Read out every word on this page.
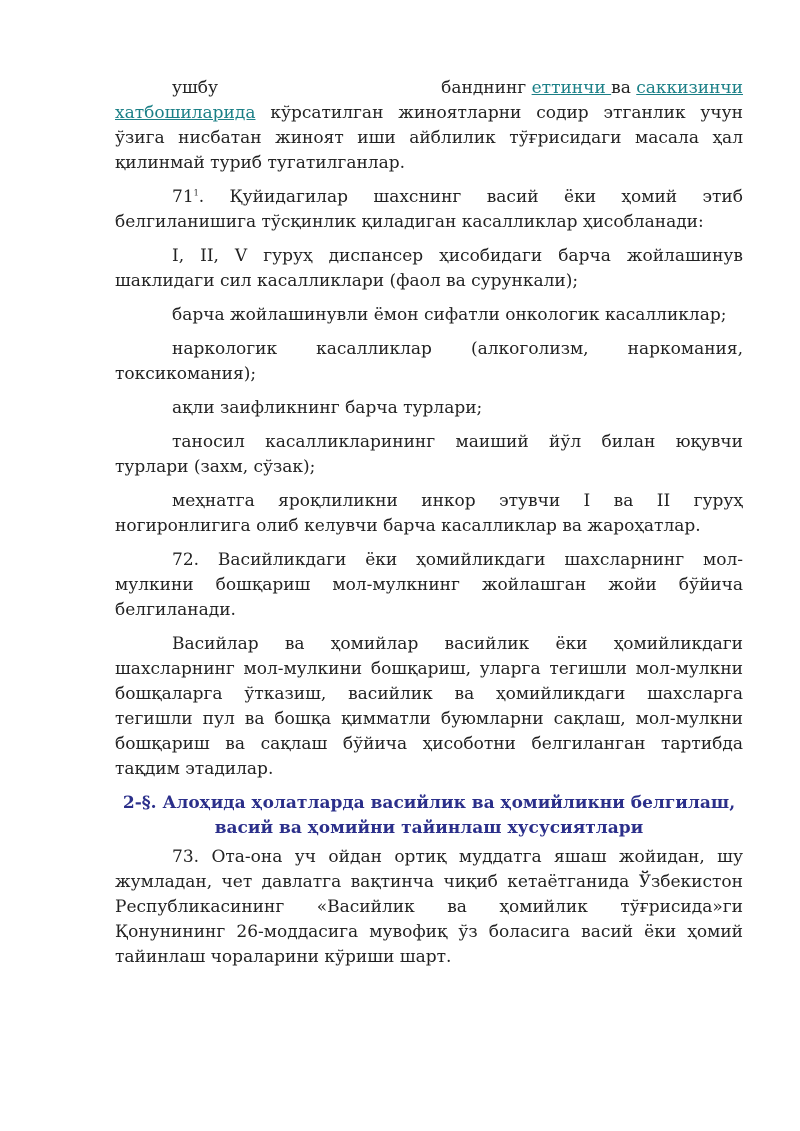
ушбу	банднинг еттинчи ва саккизинчи
хатбошиларида кўрсатилган жиноятларни содир этганлик учун ўзига нисбатан жиноят иши айблилик тўғрисидаги масала ҳал қилинмай туриб тугатилганлар.

$71^1$. Қуйидагилар шахснинг васий ёки ҳомий этиб белгиланишига тўсқинлик қиладиган касалликлар ҳисобланади:

I, II, V гуруҳ диспансер ҳисобидаги барча жойлашинув шаклидаги сил касалликлари (фаол ва сурункали);

барча жойлашинувли ёмон сифатли онкологик касалликлар;

наркологик касалликлар (алкоголизм, наркомания, токсикомания);

ақли заифликнинг барча турлари;

таносил касалликларининг маиший йўл билан юқувчи турлари (захм, сўзак);

меҳнатга яроқлиликни инкор этувчи I ва II гуруҳ ногиронлигига олиб келувчи барча касалликлар ва жароҳатлар.

72. Васийликдаги ёки ҳомийликдаги шахсларнинг мол-мулкини бошқариш мол-мулкнинг жойлашган жойи бўйича белгиланади.

Васийлар ва ҳомийлар васийлик ёки ҳомийликдаги шахсларнинг мол-мулкини бошқариш, уларга тегишли мол-мулкни бошқаларга ўтказиш, васийлик ва ҳомийликдаги шахсларга тегишли пул ва бошқа қимматли буюмларни сақлаш, мол-мулкни бошқариш ва сақлаш бўйича ҳисоботни белгиланган тартибда тақдим этадилар.

2-§. Алоҳида ҳолатларда васийлик ва ҳомийликни белгилаш,
васий ва ҳомийни тайинлаш хусусиятлари

73. Ота-она уч ойдан ортиқ муддатга яшаш жойидан, шу жумладан, чет давлатга вақтинча чиқиб кетаётганида Ўзбекистон Республикасининг «Васийлик ва ҳомийлик тўғрисида»ги Қонунининг 26-моддасига мувофиқ ўз боласига васий ёки ҳомий тайинлаш чораларини кўриши шарт.
